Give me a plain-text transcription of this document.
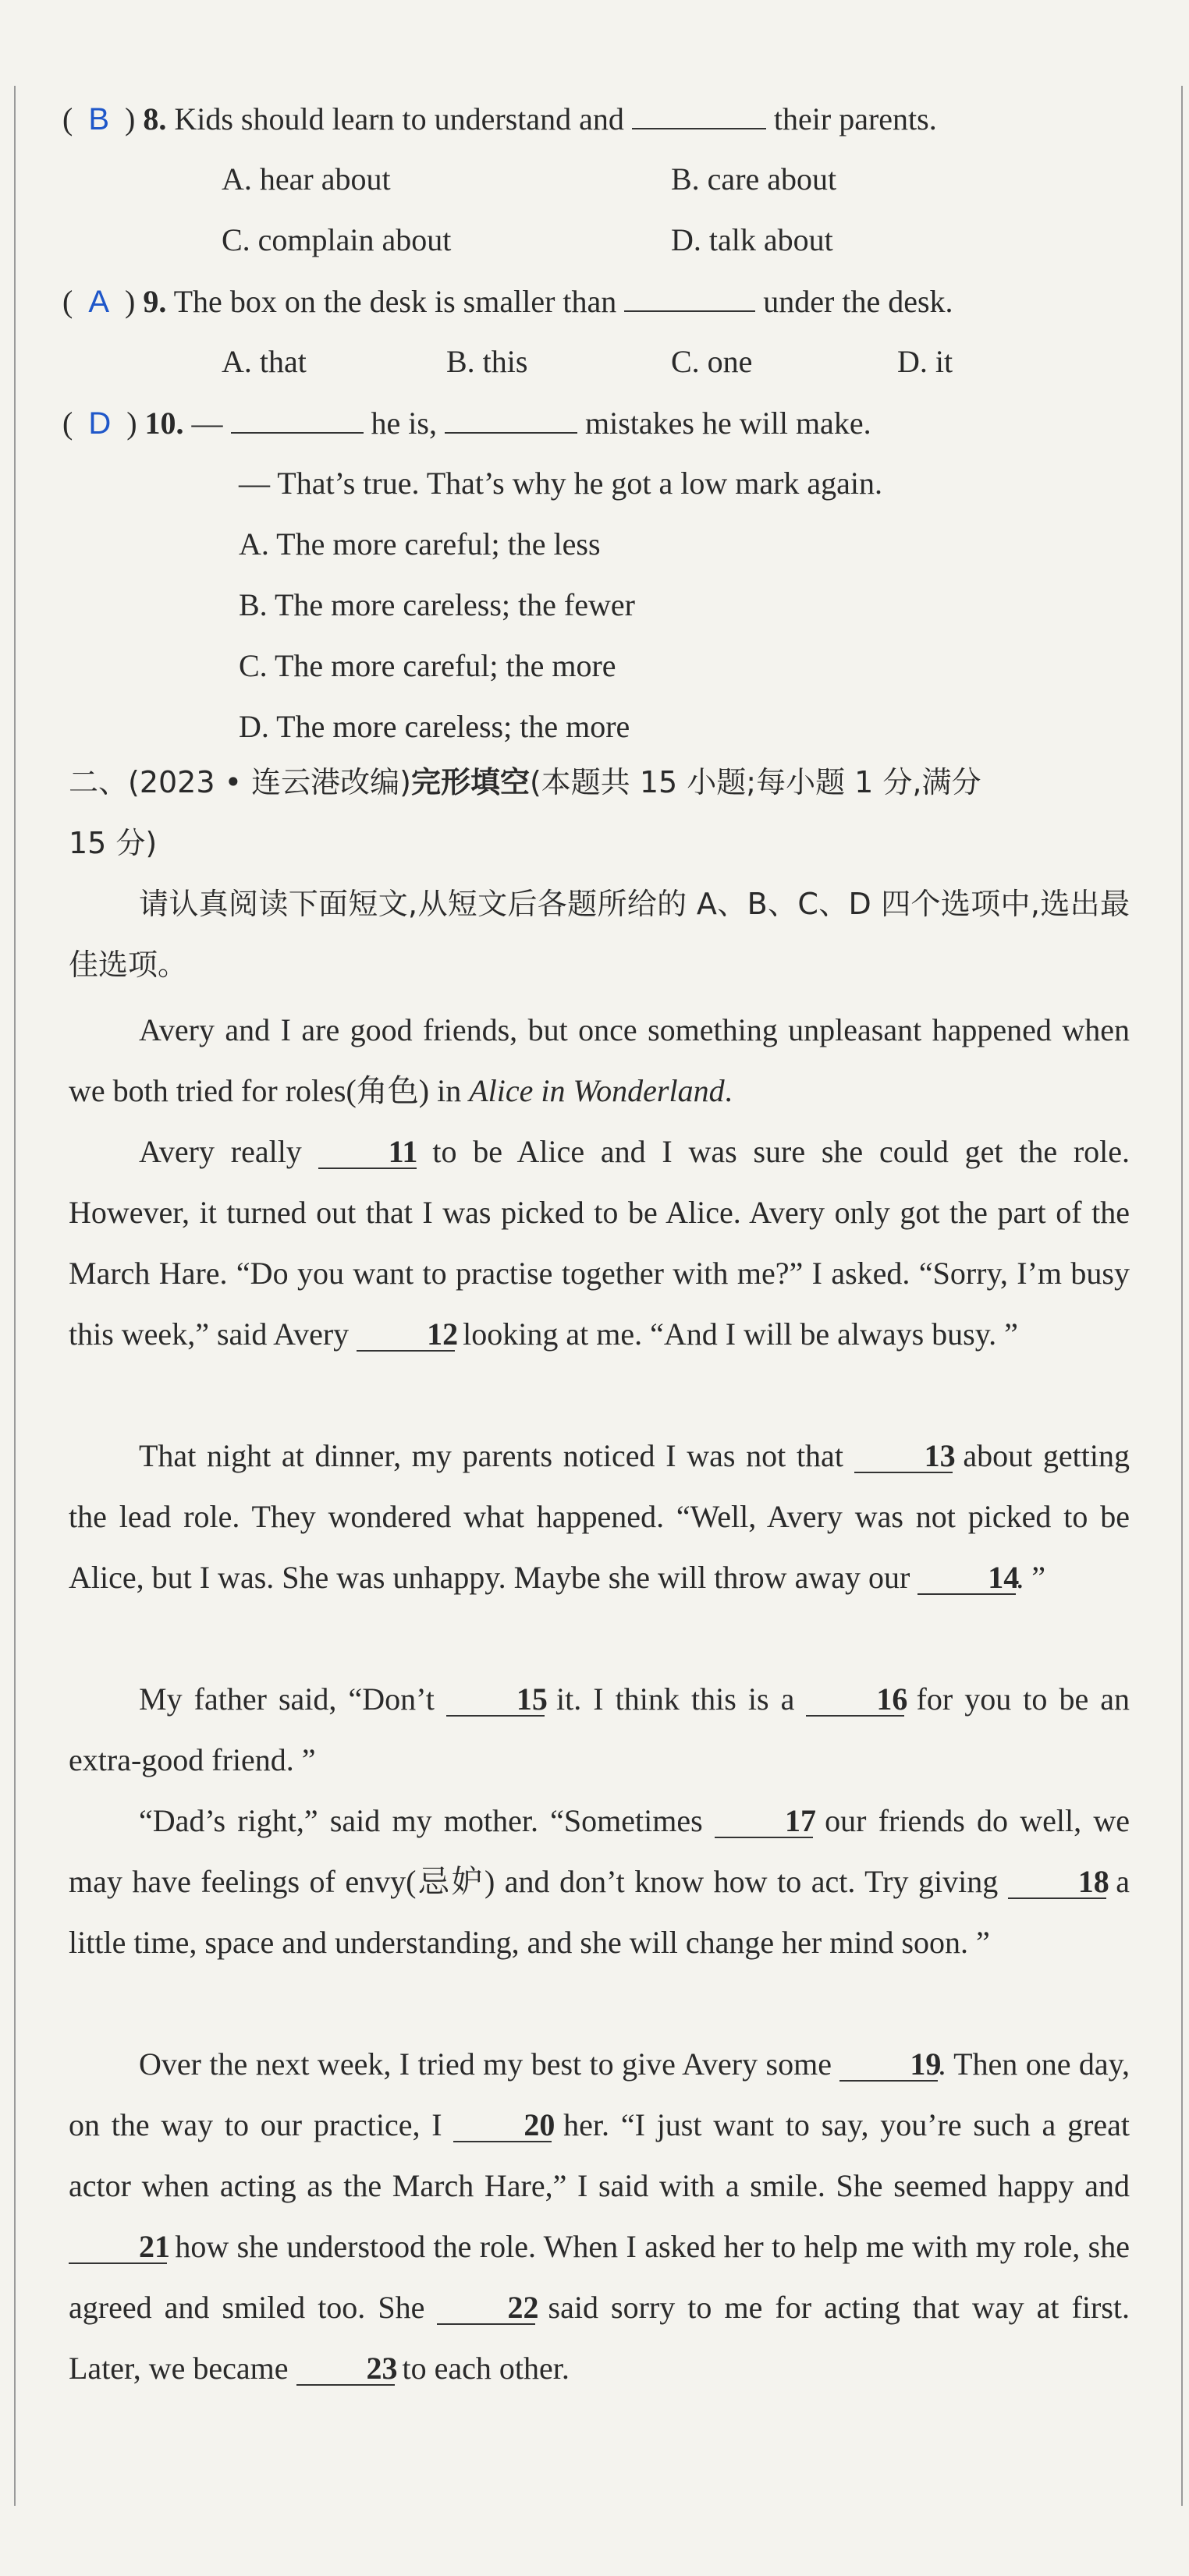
(  B  ) 8. Kids should learn to understand and	their parents.
A. hear about	B. care about
C. complain about	D. talk about
(  A  ) 9. The box on the desk is smaller than	under the desk.
A. that	B. this	C. one	D. it
(  D  ) 10. —	he is,	mistakes he will make.
— That’s true. That’s why he got a low mark again.
A. The more careful; the less
B. The more careless; the fewer
C. The more careful; the more
D. The more careless; the more
二、(2023 • 连云港改编)完形填空(本题共 15 小题;每小题 1 分,满分
15 分)
请认真阅读下面短文,从短文后各题所给的 A、B、C、D 四个选项中,选出最佳选项。
Avery and I are good friends, but once something unpleasant happened when we both tried for roles(角色) in Alice in Wonderland.
Avery really	11 to be Alice and I was sure she could get the role. However, it turned out that I was picked to be Alice. Avery only got the part of the March Hare. “Do you want to practise together with me?” I asked. “Sorry, I’m busy this week,” said Avery	12 looking at me. “And I will be always busy. ”
That night at dinner, my parents noticed I was not that	13 about getting the lead role. They wondered what happened. “Well, Avery was not picked to be Alice, but I was. She was unhappy. Maybe she will throw away our	14. ”
My father said, “Don’t	15 it. I think this is a	16 for you to be an extra-good friend. ”
“Dad’s right,” said my mother. “Sometimes	17 our friends do well, we may have feelings of envy(忌妒) and don’t know how to act. Try giving	18 a little time, space and understanding, and she will change her mind soon. ”
Over the next week, I tried my best to give Avery some	19. Then one day, on the way to our practice, I	20 her. “I just want to say, you’re such a great actor when acting as the March Hare,” I said with a smile. She seemed happy and 21 how she understood the role. When I asked her to help me with my role, she agreed and smiled too. She	22 said sorry to me for acting that way at first. Later, we became	23 to each other.
